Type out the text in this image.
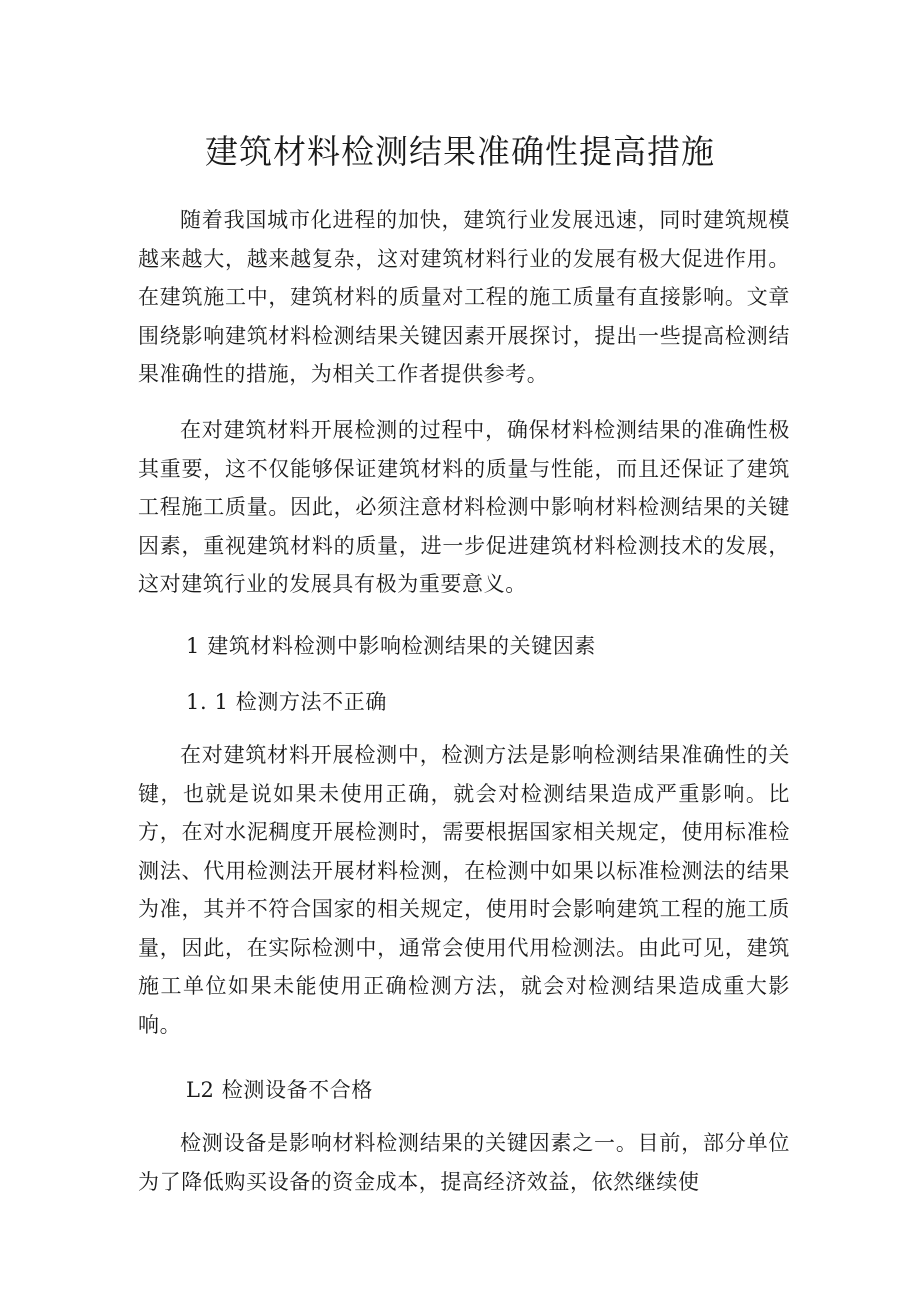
建筑材料检测结果准确性提高措施

随着我国城市化进程的加快，建筑行业发展迅速，同时建筑规模越来越大，越来越复杂，这对建筑材料行业的发展有极大促进作用。在建筑施工中，建筑材料的质量对工程的施工质量有直接影响。文章围绕影响建筑材料检测结果关键因素开展探讨，提出一些提高检测结果准确性的措施，为相关工作者提供参考。

在对建筑材料开展检测的过程中，确保材料检测结果的准确性极其重要，这不仅能够保证建筑材料的质量与性能，而且还保证了建筑工程施工质量。因此，必须注意材料检测中影响材料检测结果的关键因素，重视建筑材料的质量，进一步促进建筑材料检测技术的发展，这对建筑行业的发展具有极为重要意义。

1 建筑材料检测中影响检测结果的关键因素
1. 1 检测方法不正确

在对建筑材料开展检测中，检测方法是影响检测结果准确性的关键，也就是说如果未使用正确，就会对检测结果造成严重影响。比方，在对水泥稠度开展检测时，需要根据国家相关规定，使用标准检测法、代用检测法开展材料检测，在检测中如果以标准检测法的结果为准，其并不符合国家的相关规定，使用时会影响建筑工程的施工质量，因此，在实际检测中，通常会使用代用检测法。由此可见，建筑施工单位如果未能使用正确检测方法，就会对检测结果造成重大影响。

L2 检测设备不合格

检测设备是影响材料检测结果的关键因素之一。目前，部分单位为了降低购买设备的资金成本，提高经济效益，依然继续使
